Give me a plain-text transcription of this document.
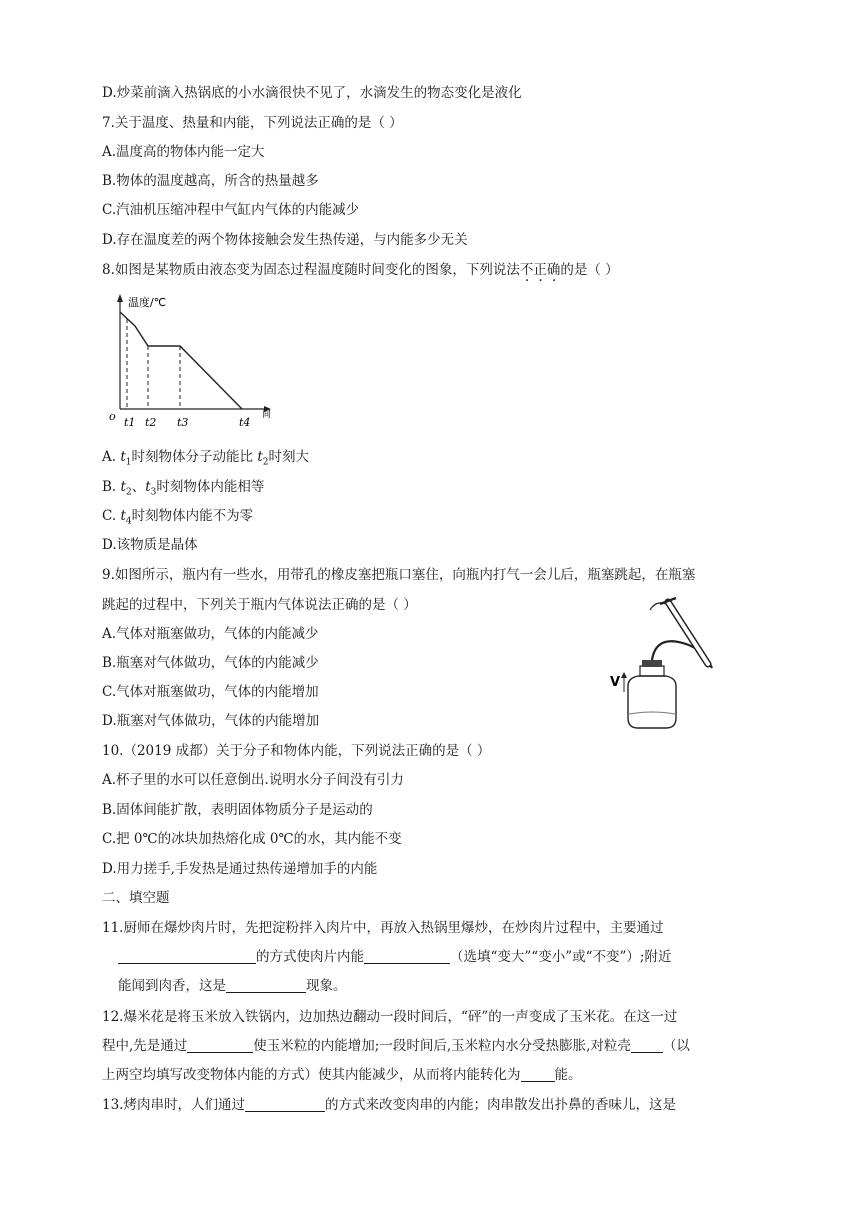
D.炒菜前滴入热锅底的小水滴很快不见了，水滴发生的物态变化是液化
7.关于温度、热量和内能，下列说法正确的是（ ）
A.温度高的物体内能一定大
B.物体的温度越高，所含的热量越多
C.汽油机压缩冲程中气缸内气体的内能减少
D.存在温度差的两个物体接触会发生热传递，与内能多少无关
8.如图是某物质由液态变为固态过程温度随时间变化的图象，下列说法不正确的是（ ）
温度/℃
间
o t1 t2 t3	t4
A. $t_1$时刻物体分子动能比 $t_2$时刻大
B. $t_2$、$t_3$时刻物体内能相等
C. $t_4$时刻物体内能不为零
D.该物质是晶体
9.如图所示，瓶内有一些水，用带孔的橡皮塞把瓶口塞住，向瓶内打气一会儿后，瓶塞跳起，在瓶塞
跳起的过程中，下列关于瓶内气体说法正确的是（ ）
A.气体对瓶塞做功，气体的内能减少
B.瓶塞对气体做功，气体的内能减少
C.气体对瓶塞做功，气体的内能增加
D.瓶塞对气体做功，气体的内能增加
V
10.（2019 成都）关于分子和物体内能，下列说法正确的是（ ）
A.杯子里的水可以任意倒出.说明水分子间没有引力
B.固体间能扩散，表明固体物质分子是运动的
C.把 0℃的冰块加热熔化成 0℃的水，其内能不变
D.用力搓手,手发热是通过热传递增加手的内能
二、填空题
11.厨师在爆炒肉片时，先把淀粉拌入肉片中，再放入热锅里爆炒，在炒肉片过程中，主要通过
的方式使肉片内能	（选填“变大”“变小”或“不变”）;附近
能闻到肉香，这是	现象。
12.爆米花是将玉米放入铁锅内，边加热边翻动一段时间后，“砰”的一声变成了玉米花。在这一过
程中,先是通过	使玉米粒的内能增加;一段时间后,玉米粒内水分受热膨胀,对粒壳 （以
上两空均填写改变物体内能的方式）使其内能减少，从而将内能转化为	能。
13.烤肉串时，人们通过	的方式来改变肉串的内能；肉串散发出扑鼻的香味儿，这是
